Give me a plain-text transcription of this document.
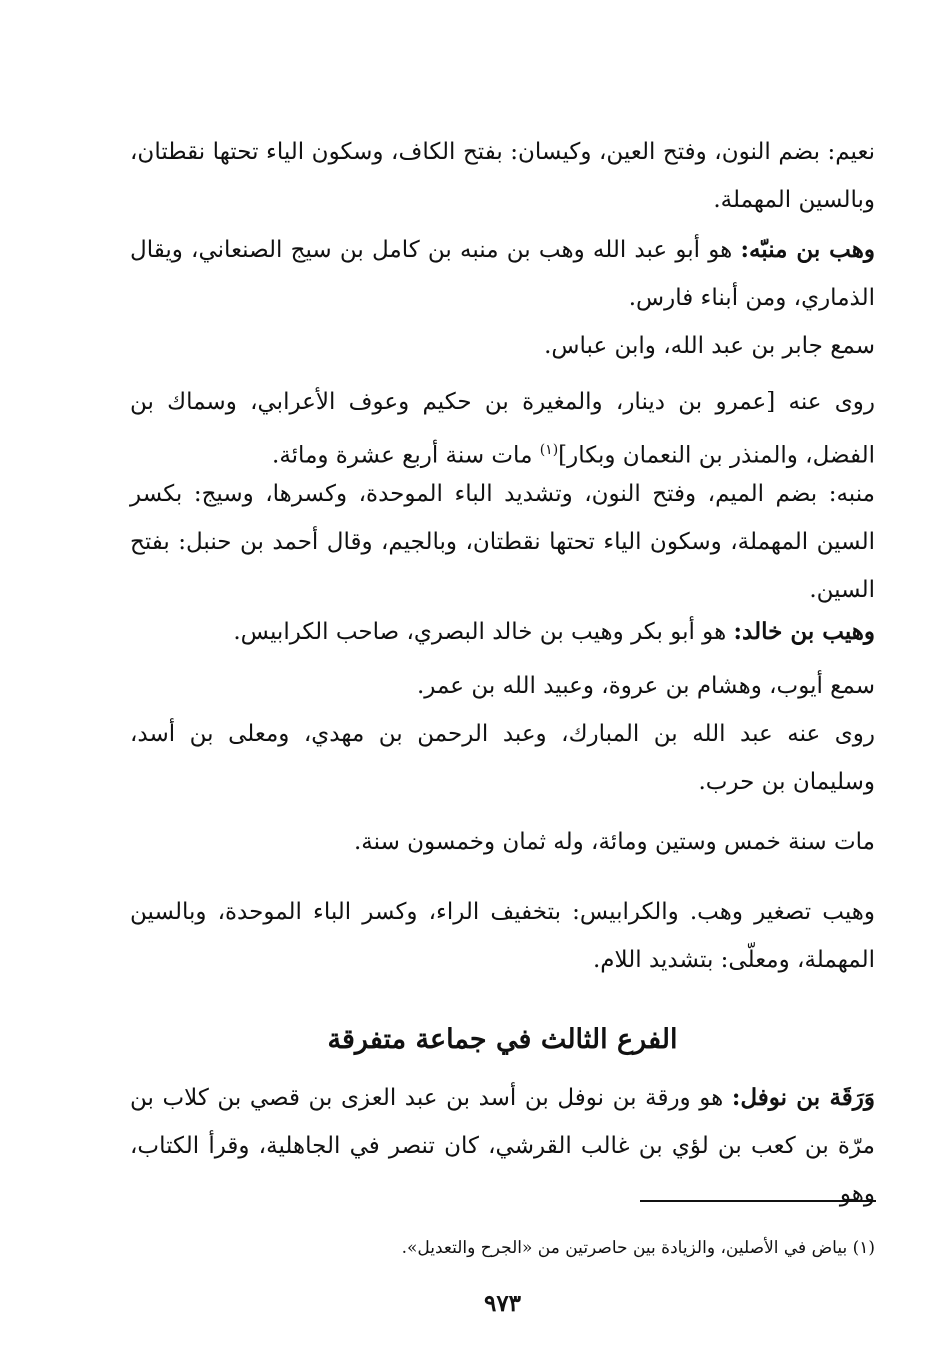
نعيم: بضم النون، وفتح العين، وكيسان: بفتح الكاف، وسكون الياء تحتها نقطتان، وبالسين المهملة.

وهب بن منبّه: هو أبو عبد الله وهب بن منبه بن كامل بن سيج الصنعاني، ويقال الذماري، ومن أبناء فارس.

سمع جابر بن عبد الله، وابن عباس.

روى عنه [عمرو بن دينار، والمغيرة بن حكيم وعوف الأعرابي، وسماك بن الفضل، والمنذر بن النعمان وبكار]$^{(١)}$ مات سنة أربع عشرة ومائة.

منبه: بضم الميم، وفتح النون، وتشديد الباء الموحدة، وكسرها، وسيج: بكسر السين المهملة، وسكون الياء تحتها نقطتان، وبالجيم، وقال أحمد بن حنبل: بفتح السين.

وهيب بن خالد: هو أبو بكر وهيب بن خالد البصري، صاحب الكرابيس.

سمع أيوب، وهشام بن عروة، وعبيد الله بن عمر.

روى عنه عبد الله بن المبارك، وعبد الرحمن بن مهدي، ومعلى بن أسد، وسليمان بن حرب.

مات سنة خمس وستين ومائة، وله ثمان وخمسون سنة.

وهيب تصغير وهب. والكرابيس: بتخفيف الراء، وكسر الباء الموحدة، وبالسين المهملة، ومعلّى: بتشديد اللام.

الفرع الثالث في جماعة متفرقة

وَرَقَة بن نوفل: هو ورقة بن نوفل بن أسد بن عبد العزى بن قصي بن كلاب بن مرّة بن كعب بن لؤي بن غالب القرشي، كان تنصر في الجاهلية، وقرأ الكتاب، وهو

(١) بياض في الأصلين، والزيادة بين حاصرتين من «الجرح والتعديل».
٩٧٣
